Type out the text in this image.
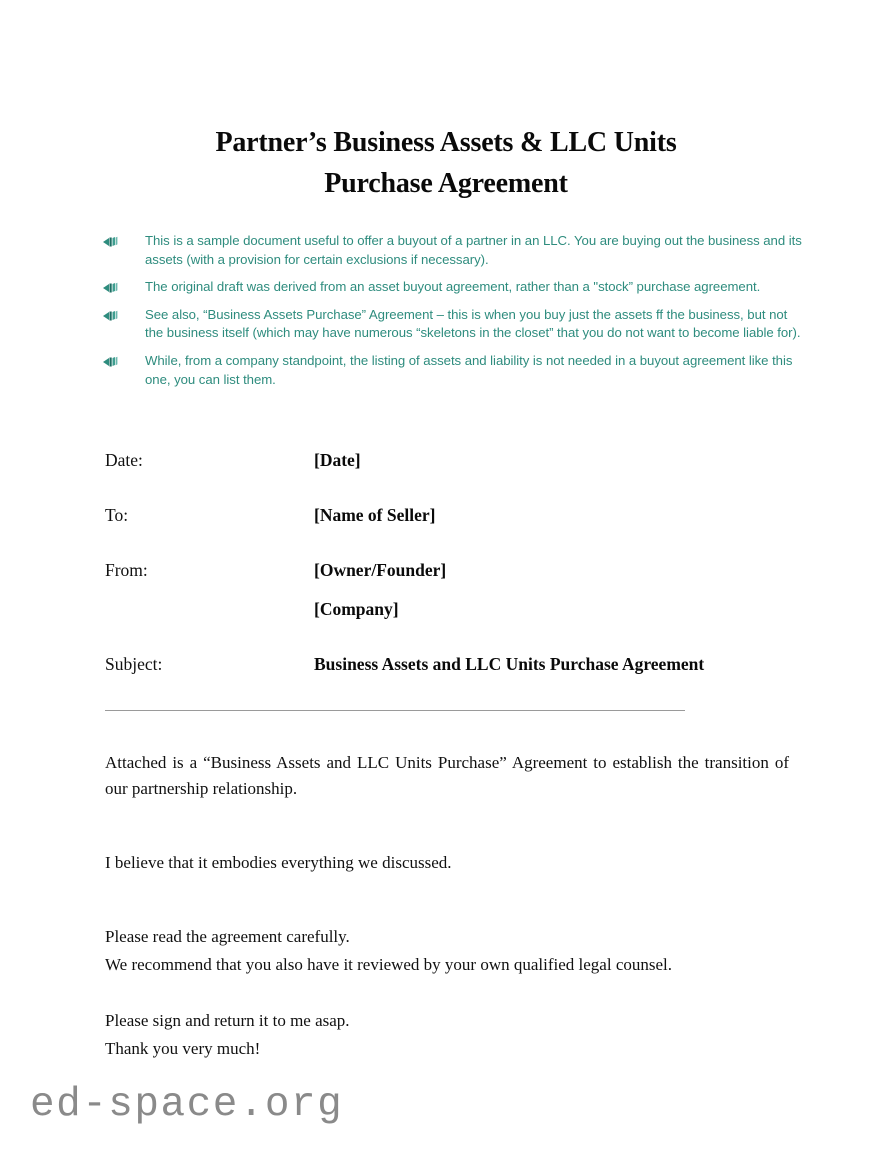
Partner’s Business Assets & LLC Units
Purchase Agreement
This is a sample document useful to offer a buyout of a partner in an LLC. You are buying out the business and its assets (with a provision for certain exclusions if necessary).
The original draft was derived from an asset buyout agreement, rather than a "stock” purchase agreement.
See also, “Business Assets Purchase” Agreement – this is when you buy just the assets ff the business, but not the business itself (which may have numerous “skeletons in the closet” that you do not want to become liable for).
While, from a company standpoint, the listing of assets and liability is not needed in a buyout agreement like this one, you can list them.
Date:	[Date]
To:	[Name of Seller]
From:	[Owner/Founder]
[Company]
Subject:	Business Assets and LLC Units Purchase Agreement

Attached is a “Business Assets and LLC Units Purchase” Agreement to establish the transition of our partnership relationship.

I believe that it embodies everything we discussed.

Please read the agreement carefully.

We recommend that you also have it reviewed by your own qualified legal counsel.

Please sign and return it to me asap.

Thank you very much!

ed-space.org
